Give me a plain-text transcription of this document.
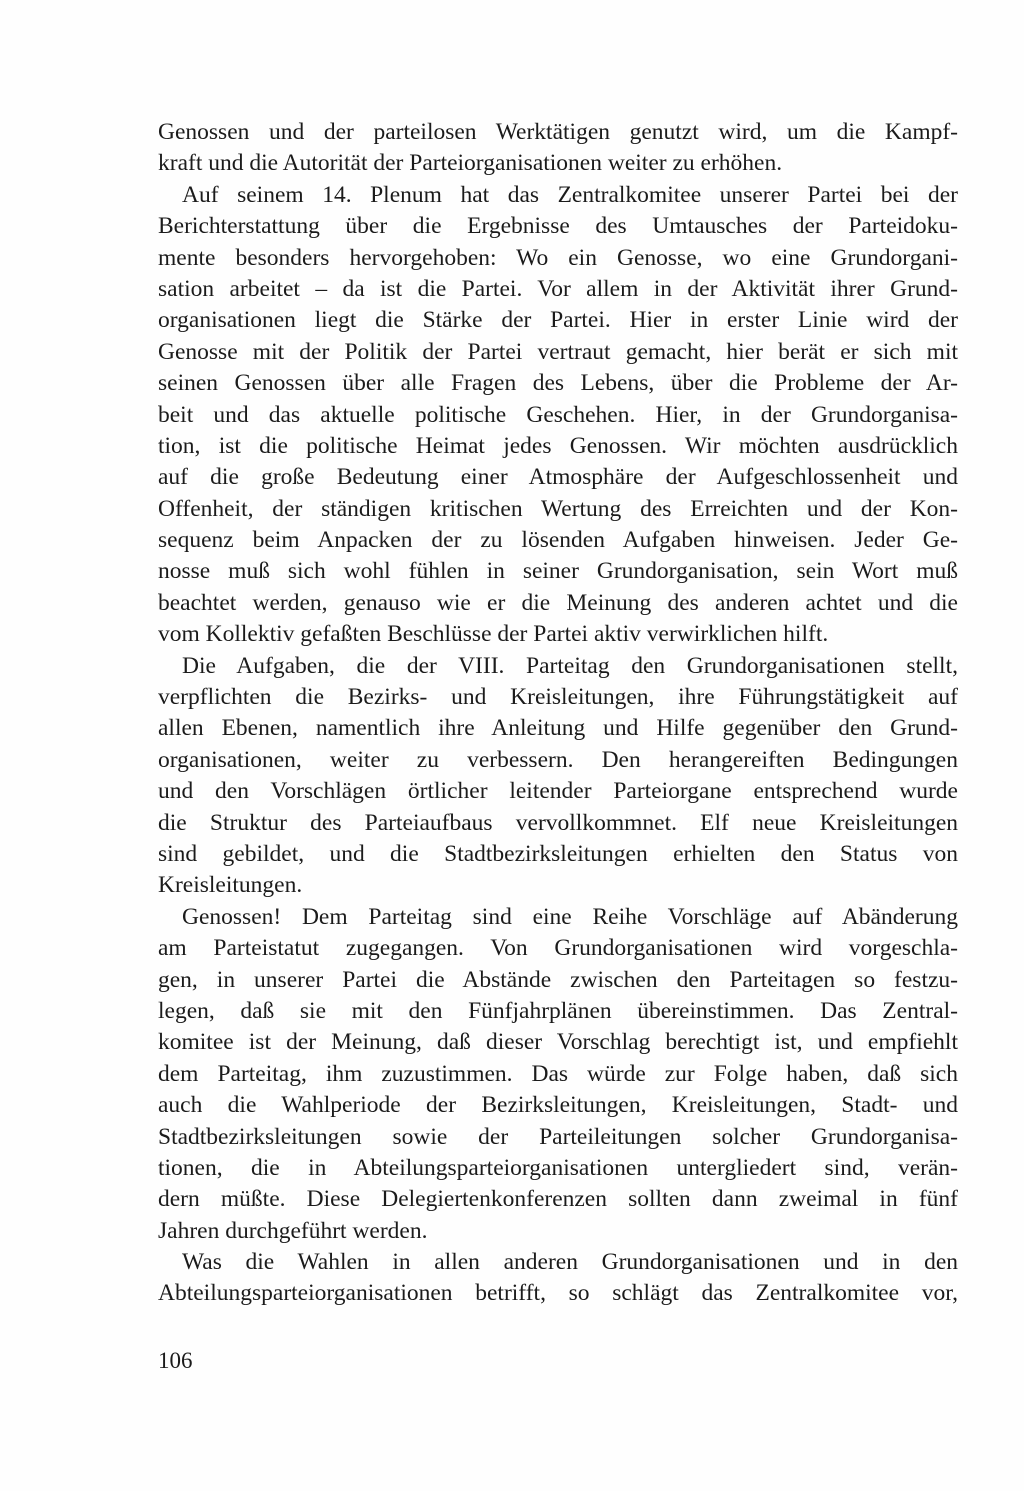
Genossen und der parteilosen Werktätigen genutzt wird, um die Kampf-
kraft und die Autorität der Parteiorganisationen weiter zu erhöhen.
Auf seinem 14. Plenum hat das Zentralkomitee unserer Partei bei der
Berichterstattung über die Ergebnisse des Umtausches der Parteidoku-
mente besonders hervorgehoben: Wo ein Genosse, wo eine Grundorgani-
sation arbeitet – da ist die Partei. Vor allem in der Aktivität ihrer Grund-
organisationen liegt die Stärke der Partei. Hier in erster Linie wird der
Genosse mit der Politik der Partei vertraut gemacht, hier berät er sich mit
seinen Genossen über alle Fragen des Lebens, über die Probleme der Ar-
beit und das aktuelle politische Geschehen. Hier, in der Grundorganisa-
tion, ist die politische Heimat jedes Genossen. Wir möchten ausdrücklich
auf die große Bedeutung einer Atmosphäre der Aufgeschlossenheit und
Offenheit, der ständigen kritischen Wertung des Erreichten und der Kon-
sequenz beim Anpacken der zu lösenden Aufgaben hinweisen. Jeder Ge-
nosse muß sich wohl fühlen in seiner Grundorganisation, sein Wort muß
beachtet werden, genauso wie er die Meinung des anderen achtet und die
vom Kollektiv gefaßten Beschlüsse der Partei aktiv verwirklichen hilft.
Die Aufgaben, die der VIII. Parteitag den Grundorganisationen stellt,
verpflichten die Bezirks- und Kreisleitungen, ihre Führungstätigkeit auf
allen Ebenen, namentlich ihre Anleitung und Hilfe gegenüber den Grund-
organisationen, weiter zu verbessern. Den herangereiften Bedingungen
und den Vorschlägen örtlicher leitender Parteiorgane entsprechend wurde
die Struktur des Parteiaufbaus vervollkommnet. Elf neue Kreisleitungen
sind gebildet, und die Stadtbezirksleitungen erhielten den Status von
Kreisleitungen.
Genossen! Dem Parteitag sind eine Reihe Vorschläge auf Abänderung
am Parteistatut zugegangen. Von Grundorganisationen wird vorgeschla-
gen, in unserer Partei die Abstände zwischen den Parteitagen so festzu-
legen, daß sie mit den Fünfjahrplänen übereinstimmen. Das Zentral-
komitee ist der Meinung, daß dieser Vorschlag berechtigt ist, und empfiehlt
dem Parteitag, ihm zuzustimmen. Das würde zur Folge haben, daß sich
auch die Wahlperiode der Bezirksleitungen, Kreisleitungen, Stadt- und
Stadtbezirksleitungen sowie der Parteileitungen solcher Grundorganisa-
tionen, die in Abteilungsparteiorganisationen untergliedert sind, verän-
dern müßte. Diese Delegiertenkonferenzen sollten dann zweimal in fünf
Jahren durchgeführt werden.
Was die Wahlen in allen anderen Grundorganisationen und in den
Abteilungsparteiorganisationen betrifft, so schlägt das Zentralkomitee vor,
106
